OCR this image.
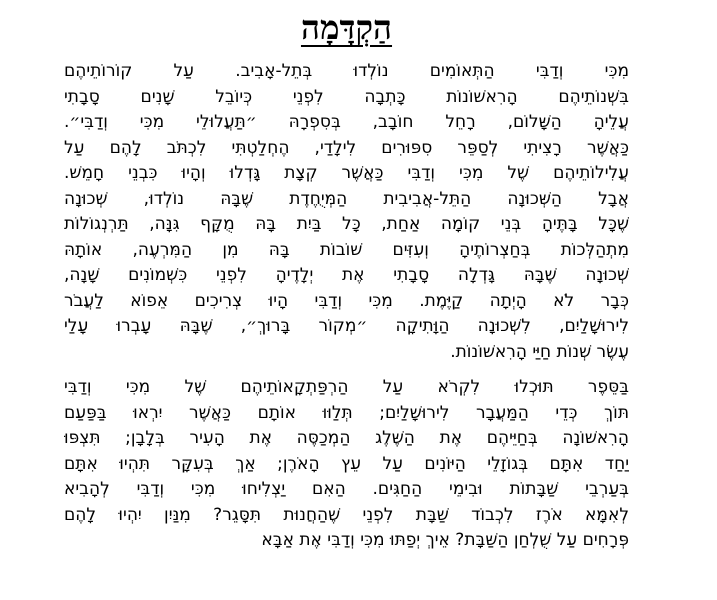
הַקְדָּמָה

מִכִּי וְדַבִּי הַתְּאוֹמִים נוֹלְדוּ בְּתֵל-אָבִיב. עַל קוֹרוֹתֵיהֶם
בִּשְׁנוֹתֵיהֶם הָרִאשׁוֹנוֹת כָּתְבָה לִפְנֵי כְּיוֹבֵל שָׁנִים סָבָתִי
עֲלֵיהָ הַשָּׁלוֹם, רָחֵל חוֹבָב, בְּסִפְרָהּ ״תַּעֲלוּלֵי מִכִּי וְדַבִּי״.
כַּאֲשֶׁר רָצִיתִי לְסַפֵּר סִפּוּרִים לִילָדַי, הֶחְלַטְתִּי לִכְתֹּב לָהֶם עַל
עֲלִילוֹתֵיהֶם שֶׁל מִכִּי וְדַבִּי כַּאֲשֶׁר קְצָת גָּדְלוּ וְהָיוּ כִּבְנֵי חָמֵשׁ.
אֲבָל הַשְּׁכוּנָה הַתֵּל-אֲבִיבִית הַמְּיֻחֶדֶת שֶׁבָּהּ נוֹלְדוּ, שְׁכוּנָה
שֶׁכָּל בָּתֶּיהָ בְּנֵי קוֹמָה אַחַת, כָּל בַּיִת בָּהּ מֻקָּף גִּנָּה, תַּרְנְגוֹלוֹת
מִתְהַלְּכוֹת בְּחַצְרוֹתֶיהָ וְעִזִּים שׁוֹבוֹת בָּהּ מִן הַמִּרְעֶה, אוֹתָהּ
שְׁכוּנָה שֶׁבָּהּ גָּדְלָה סָבָתִי אֶת יְלָדֶיהָ לִפְנֵי כִּשְׁמוֹנִים שָׁנָה,
כְּבָר לֹא הָיְתָה קַיֶּמֶת. מִכִּי וְדַבִּי הָיוּ צְרִיכִים אֵפוֹא לַעֲבֹר
לִירוּשָׁלַיִם, לִשְׁכוּנָה הַוָּתִיקָה ״מְקוֹר בָּרוּךְ״, שֶׁבָּהּ עָבְרוּ עָלַי
עֶשֶׂר שְׁנוֹת חַיַּי הָרִאשׁוֹנוֹת.

בַּסֵּפֶר תּוּכְלוּ לִקְרֹא עַל הַרְפַּתְקָאוֹתֵיהֶם שֶׁל מִכִּי וְדַבִּי
תּוֹךְ כְּדֵי הַמַּעֲבָר לִירוּשָׁלַיִם; תְּלַוּוּ אוֹתָם כַּאֲשֶׁר יִרְאוּ בַּפַּעַם
הָרִאשׁוֹנָה בְּחַיֵּיהֶם אֶת הַשֶּׁלֶג הַמְכַסֶּה אֶת הָעִיר בְּלָבָן; תִּצְפּוּ
יַחַד אִתָּם בְּגוֹזָלֵי הַיּוֹנִים עַל עֵץ הָאֹרֶן; אַךְ בְּעִקָּר תִּהְיוּ אִתָּם
בְּעַרְבֵי שַׁבָּתוֹת וּבִימֵי הַחַגִּים. הַאִם יַצְלִיחוּ מִכִּי וְדַבִּי לְהָבִיא
לְאִמָּא אֹרֶז לִכְבוֹד שַׁבָּת לִפְנֵי שֶׁהַחֲנוּת תִּסָּגֵר? מִנַּיִן יִהְיוּ לָהֶם
פְּרָחִים עַל שֻׁלְחַן הַשַּׁבָּת? אֵיךְ יְפַתּוּ מִכִּי וְדַבִּי אֶת אַבָּא
